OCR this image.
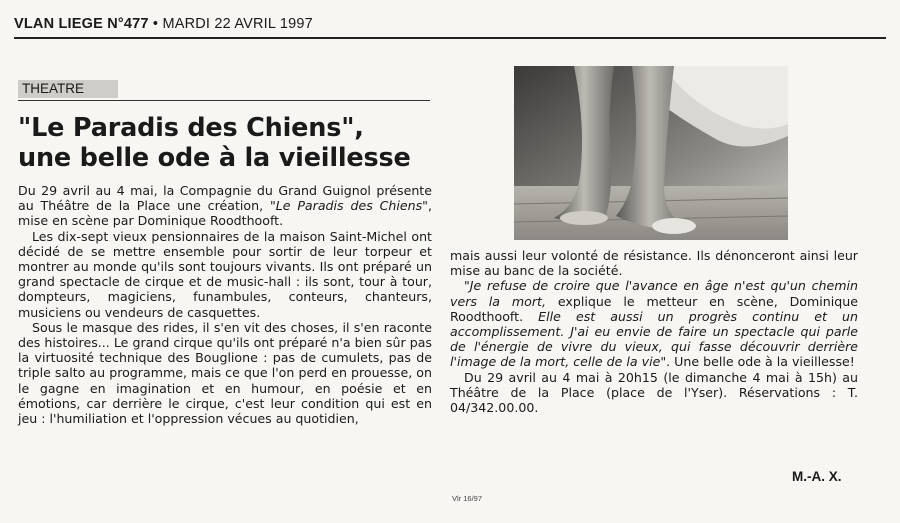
VLAN LIEGE N°477 • MARDI 22 AVRIL 1997
THEATRE
"Le Paradis des Chiens",
une belle ode à la vieillesse

Du 29 avril au 4 mai, la Compagnie du Grand Guignol présente au Théâtre de la Place une création, "Le Paradis des Chiens", mise en scène par Dominique Roodthooft.

Les dix-sept vieux pensionnaires de la maison Saint-Michel ont décidé de se mettre ensemble pour sortir de leur torpeur et montrer au monde qu'ils sont toujours vivants. Ils ont préparé un grand spectacle de cirque et de music-hall : ils sont, tour à tour, dompteurs, magiciens, funambules, conteurs, chanteurs, musiciens ou vendeurs de casquettes.

Sous le masque des rides, il s'en vit des choses, il s'en raconte des histoires... Le grand cirque qu'ils ont préparé n'a bien sûr pas la virtuosité technique des Bouglione : pas de cumulets, pas de triple salto au programme, mais ce que l'on perd en prouesse, on le gagne en imagination et en humour, en poésie et en émotions, car derrière le cirque, c'est leur condition qui est en jeu : l'humiliation et l'oppression vécues au quotidien,

mais aussi leur volonté de résistance. Ils dénonceront ainsi leur mise au banc de la société.

"Je refuse de croire que l'avance en âge n'est qu'un chemin vers la mort, explique le metteur en scène, Dominique Roodthooft. Elle est aussi un progrès continu et un accomplissement. J'ai eu envie de faire un spectacle qui parle de l'énergie de vivre du vieux, qui fasse découvrir derrière l'image de la mort, celle de la vie". Une belle ode à la vieillesse!

Du 29 avril au 4 mai à 20h15 (le dimanche 4 mai à 15h) au Théâtre de la Place (place de l'Yser). Réservations : T. 04/342.00.00.

Vlr 16/97
M.-A. X.
